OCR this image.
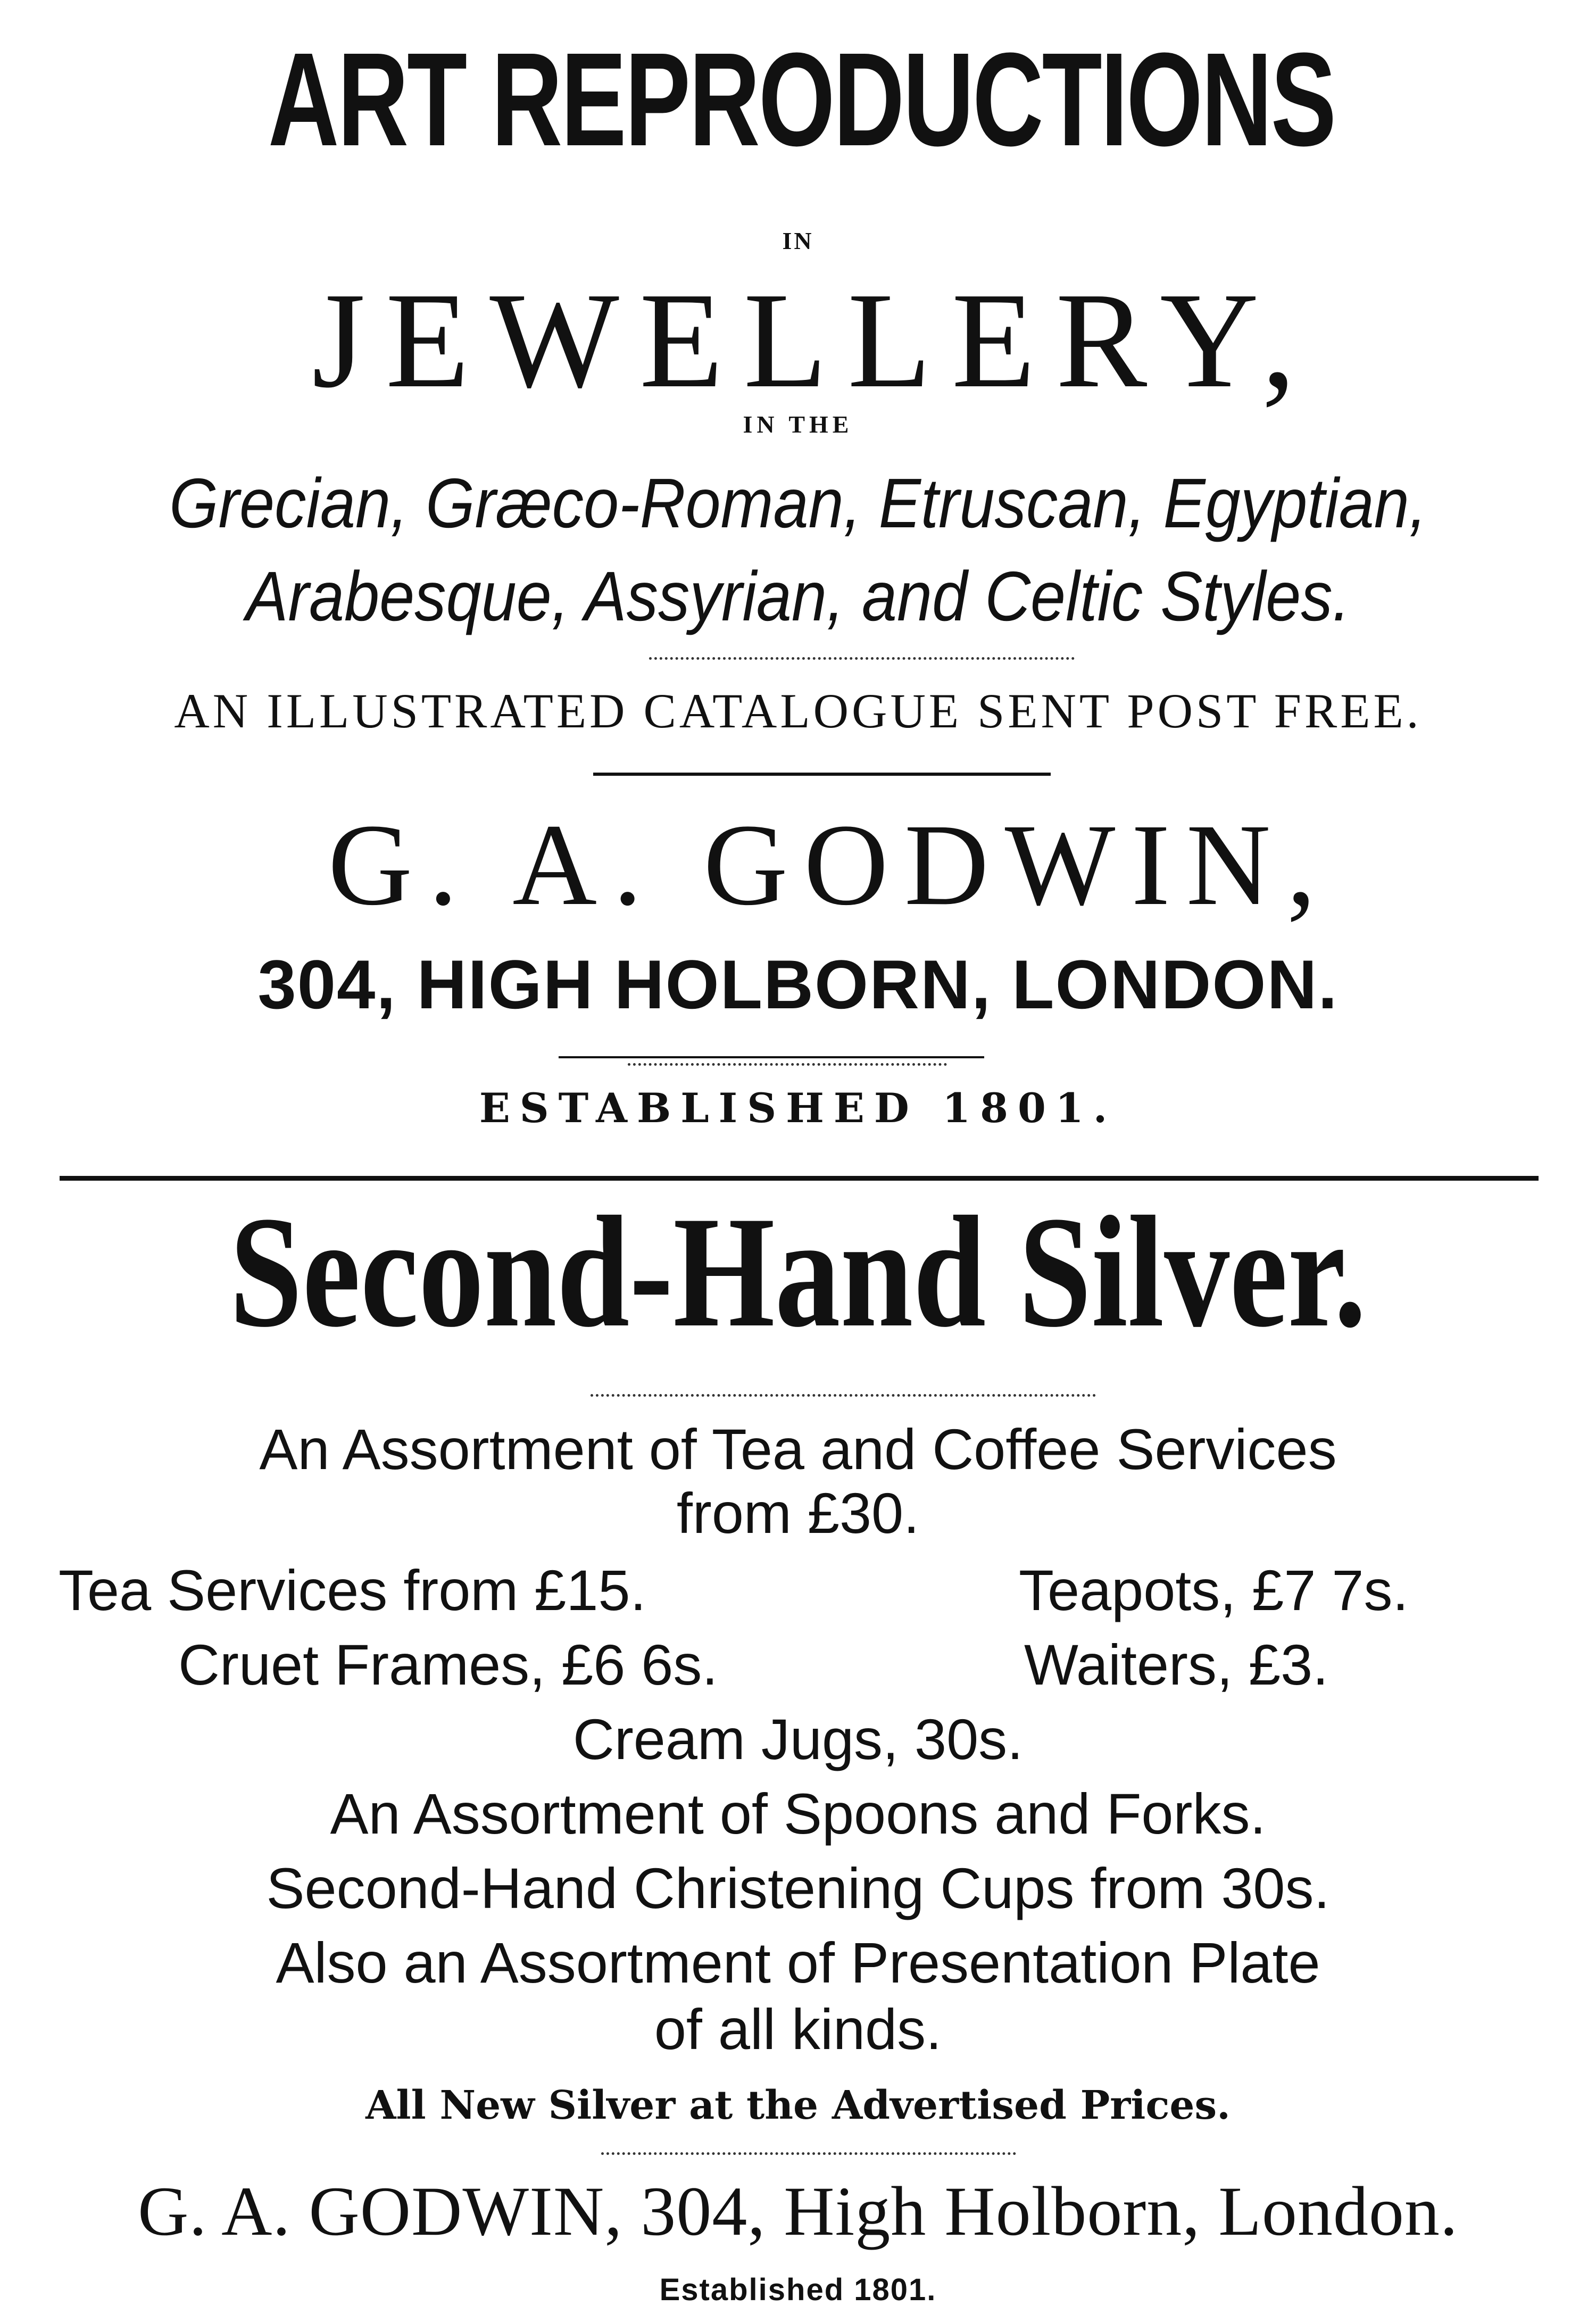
ART REPRODUCTIONS
IN
JEWELLERY,
IN THE
Grecian, Græco-Roman, Etruscan, Egyptian,
Arabesque, Assyrian, and Celtic Styles.
AN ILLUSTRATED CATALOGUE SENT POST FREE.
G. A. GODWIN,
304, HIGH HOLBORN, LONDON.
ESTABLISHED 1801.
Second-Hand Silver.
An Assortment of Tea and Coffee Services
from £30.
Tea Services from £15.	Teapots, £7 7s.
Cruet Frames, £6 6s.	Waiters, £3.
Cream Jugs, 30s.
An Assortment of Spoons and Forks.
Second-Hand Christening Cups from 30s.
Also an Assortment of Presentation Plate
of all kinds.
All New Silver at the Advertised Prices.
G. A. GODWIN, 304, High Holborn, London.
Established 1801.
